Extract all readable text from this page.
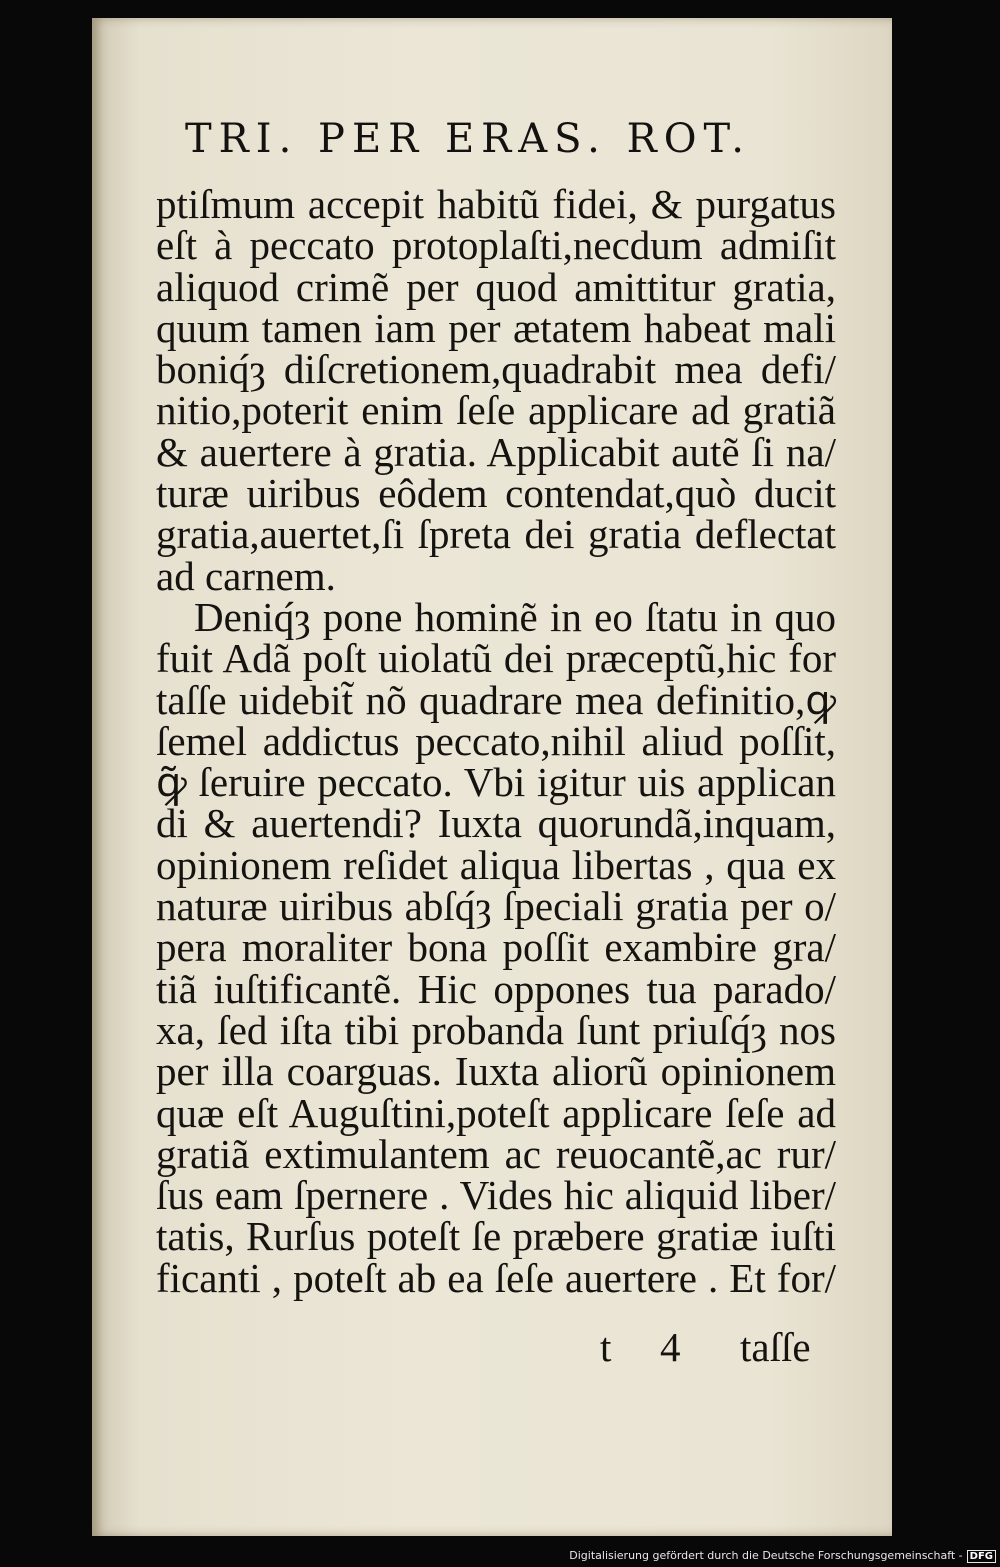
TRI. PER ERAS. ROT.
ptiſmum accepit habitũ fidei, & purgatus
eſt à peccato protoplaſti,necdum admiſit
aliquod crimẽ per quod amittitur gratia,
quum tamen iam per ætatem habeat mali
boniq́ȝ diſcretionem,quadrabit mea defi/
nitio,poterit enim ſeſe applicare ad gratiã
& auertere à gratia. Applicabit autẽ ſi na/
turæ uiribus eôdem contendat,quò ducit
gratia,auertet,ſi ſpreta dei gratia deflectat
ad carnem.
Deniq́ȝ pone hominẽ in eo ſtatu in quo
fuit Adã poſt uiolatũ dei præceptũ,hic for
taſſe uidebit̃ nõ quadrare mea definitio,ꝙ
ſemel addictus peccato,nihil aliud poſſit,
ꝙ̃ ſeruire peccato. Vbi igitur uis applican
di & auertendi? Iuxta quorundã,inquam,
opinionem reſidet aliqua libertas , qua ex
naturæ uiribus abſq́ȝ ſpeciali gratia per o/
pera moraliter bona poſſit exambire gra/
tiã iuſtificantẽ. Hic oppones tua parado/
xa, ſed iſta tibi probanda ſunt priuſq́ȝ nos
per illa coarguas. Iuxta aliorũ opinionem
quæ eſt Auguſtini,poteſt applicare ſeſe ad
gratiã extimulantem ac reuocantẽ,ac rur/
ſus eam ſpernere . Vides hic aliquid liber/
tatis, Rurſus poteſt ſe præbere gratiæ iuſti
ficanti , poteſt ab ea ſeſe auertere . Et for/
t 4 taſſe
Digitalisierung gefördert durch die Deutsche Forschungsgemeinschaft - DFG
